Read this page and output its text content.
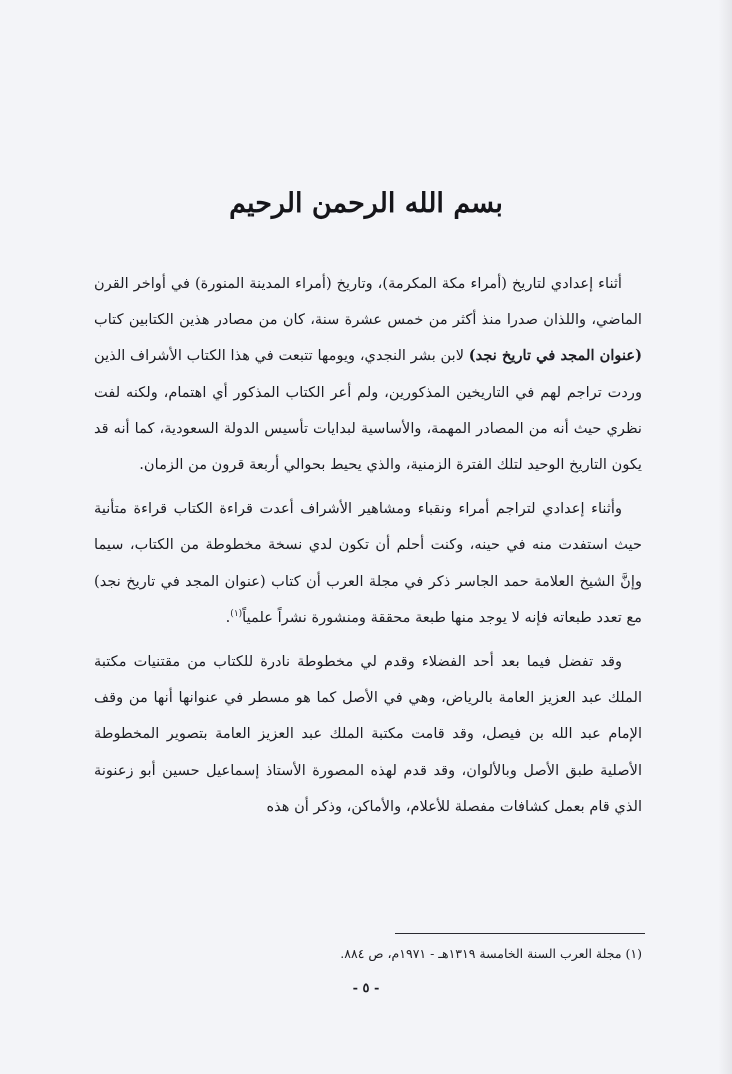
بسم الله الرحمن الرحيم

أثناء إعدادي لتاريخ (أمراء مكة المكرمة)، وتاريخ (أمراء المدينة المنورة) في أواخر القرن الماضي، واللذان صدرا منذ أكثر من خمس عشرة سنة، كان من مصادر هذين الكتابين كتاب (عنوان المجد في تاريخ نجد) لابن بشر النجدي، ويومها تتبعت في هذا الكتاب الأشراف الذين وردت تراجم لهم في التاريخين المذكورين، ولم أعر الكتاب المذكور أي اهتمام، ولكنه لفت نظري حيث أنه من المصادر المهمة، والأساسية لبدايات تأسيس الدولة السعودية، كما أنه قد يكون التاريخ الوحيد لتلك الفترة الزمنية، والذي يحيط بحوالي أربعة قرون من الزمان.

وأثناء إعدادي لتراجم أمراء ونقباء ومشاهير الأشراف أعدت قراءة الكتاب قراءة متأنية حيث استفدت منه في حينه، وكنت أحلم أن تكون لدي نسخة مخطوطة من الكتاب، سيما وإنَّ الشيخ العلامة حمد الجاسر ذكر في مجلة العرب أن كتاب (عنوان المجد في تاريخ نجد) مع تعدد طبعاته فإنه لا يوجد منها طبعة محققة ومنشورة نشراً علمياً$^{(١)}$.

وقد تفضل فيما بعد أحد الفضلاء وقدم لي مخطوطة نادرة للكتاب من مقتنيات مكتبة الملك عبد العزيز العامة بالرياض، وهي في الأصل كما هو مسطر في عنوانها أنها من وقف الإمام عبد الله بن فيصل، وقد قامت مكتبة الملك عبد العزيز العامة بتصوير المخطوطة الأصلية طبق الأصل وبالألوان، وقد قدم لهذه المصورة الأستاذ إسماعيل حسين أبو زعنونة الذي قام بعمل كشافات مفصلة للأعلام، والأماكن، وذكر أن هذه

(١) مجلة العرب السنة الخامسة ١٣١٩هـ - ١٩٧١م، ص ٨٨٤.
- ٥ -
